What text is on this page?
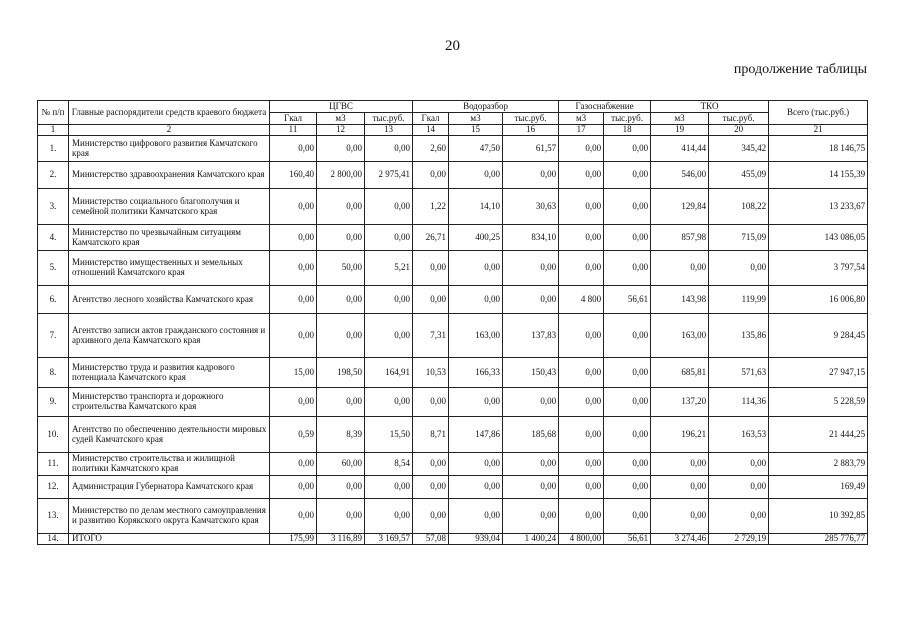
20
продолжение таблицы
№ п/п	Главные распорядители средств краевого бюджета	ЦГВС			Водоразбор			Газоснабжение		ТКО		Всего (тыс.руб.)
		Гкал	м3	тыс.руб.	Гкал	м3	тыс.руб.	м3	тыс.руб.	м3	тыс.руб.	
1	2	11	12	13	14	15	16	17	18	19	20	21
1.	Министерство цифрового развития Камчатского края	0,00	0,00	0,00	2,60	47,50	61,57	0,00	0,00	414,44	345,42	18 146,75
2.	Министерство здравоохранения Камчатского края	160,40	2 800,00	2 975,41	0,00	0,00	0,00	0,00	0,00	546,00	455,09	14 155,39
3.	Министерство социального благополучия и семейной политики Камчатского края	0,00	0,00	0,00	1,22	14,10	30,63	0,00	0,00	129,84	108,22	13 233,67
4.	Министерство по чрезвычайным ситуациям Камчатского края	0,00	0,00	0,00	26,71	400,25	834,10	0,00	0,00	857,98	715,09	143 086,05
5.	Министерство имущественных и земельных отношений Камчатского края	0,00	50,00	5,21	0,00	0,00	0,00	0,00	0,00	0,00	0,00	3 797,54
6.	Агентство лесного хозяйства Камчатского края	0,00	0,00	0,00	0,00	0,00	0,00	4 800	56,61	143,98	119,99	16 006,80
7.	Агентство записи актов гражданского состояния и архивного дела Камчатского края	0,00	0,00	0,00	7,31	163,00	137,83	0,00	0,00	163,00	135,86	9 284,45
8.	Министерство труда и развития кадрового потенциала Камчатского края	15,00	198,50	164,91	10,53	166,33	150,43	0,00	0,00	685,81	571,63	27 947,15
9.	Министерство транспорта и дорожного строительства Камчатского края	0,00	0,00	0,00	0,00	0,00	0,00	0,00	0,00	137,20	114,36	5 228,59
10.	Агентство по обеспечению деятельности мировых судей Камчатского края	0,59	8,39	15,50	8,71	147,86	185,68	0,00	0,00	196,21	163,53	21 444,25
11.	Министерство строительства и жилищной политики Камчатского края	0,00	60,00	8,54	0,00	0,00	0,00	0,00	0,00	0,00	0,00	2 883,79
12.	Администрация Губернатора Камчатского края	0,00	0,00	0,00	0,00	0,00	0,00	0,00	0,00	0,00	0,00	169,49
13.	Министерство по делам местного самоуправления и развитию Корякского округа Камчатского края	0,00	0,00	0,00	0,00	0,00	0,00	0,00	0,00	0,00	0,00	10 392,85
14.	ИТОГО	175,99	3 116,89	3 169,57	57,08	939,04	1 400,24	4 800,00	56,61	3 274,46	2 729,19	285 776,77
